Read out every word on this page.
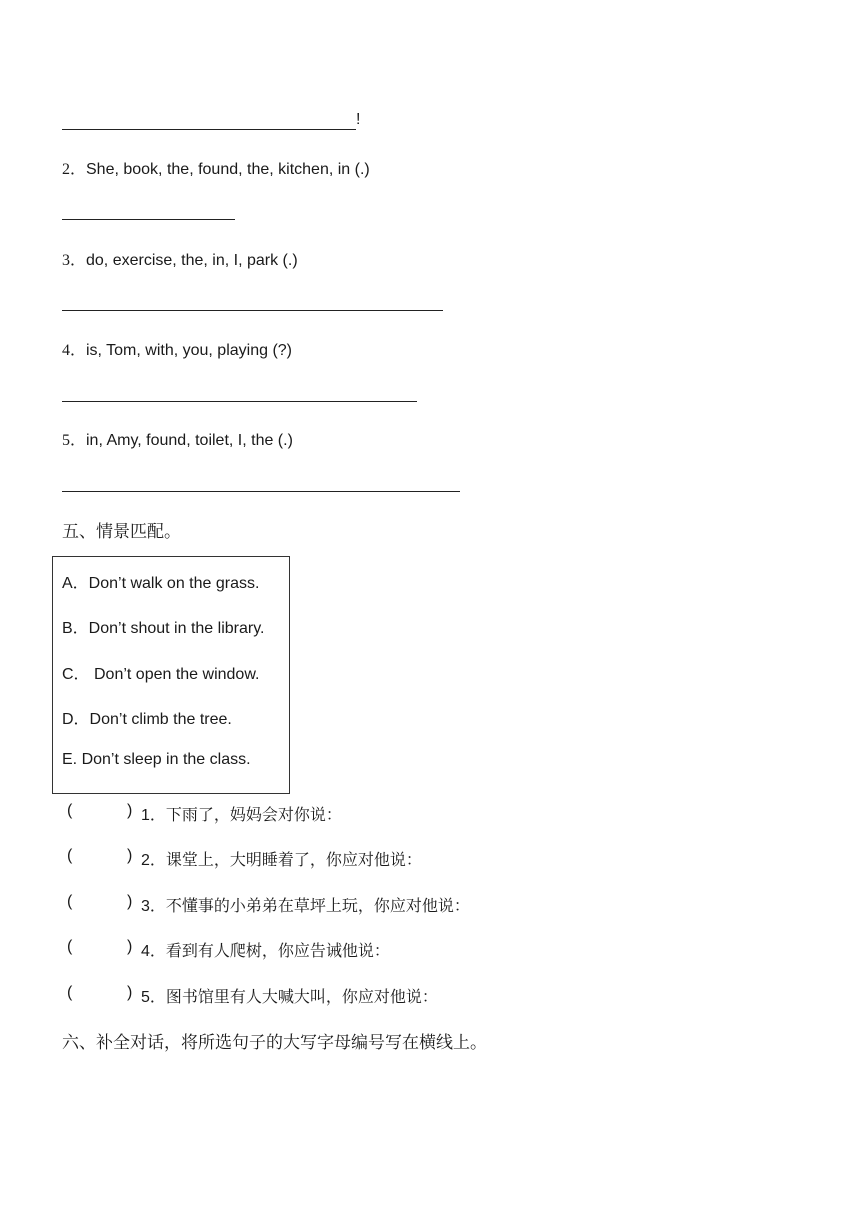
!
2．She, book, the, found, the, kitchen, in (.)
3．do, exercise, the, in, I, park (.)
4．is, Tom, with, you, playing (?)
5．in, Amy, found, toilet, I, the (.)
五、情景匹配。
A．Don’t walk on the grass.
B．Don’t shout in the library.
C． Don’t open the window.
D．Don’t climb the tree.
E. Don’t sleep in the class.
(	) 1．下雨了，妈妈会对你说：
(	) 2．课堂上，大明睡着了，你应对他说：
(	) 3．不懂事的小弟弟在草坪上玩，你应对他说：
(	) 4．看到有人爬树，你应告诫他说：
(	) 5．图书馆里有人大喊大叫，你应对他说：
六、补全对话，将所选句子的大写字母编号写在横线上。
